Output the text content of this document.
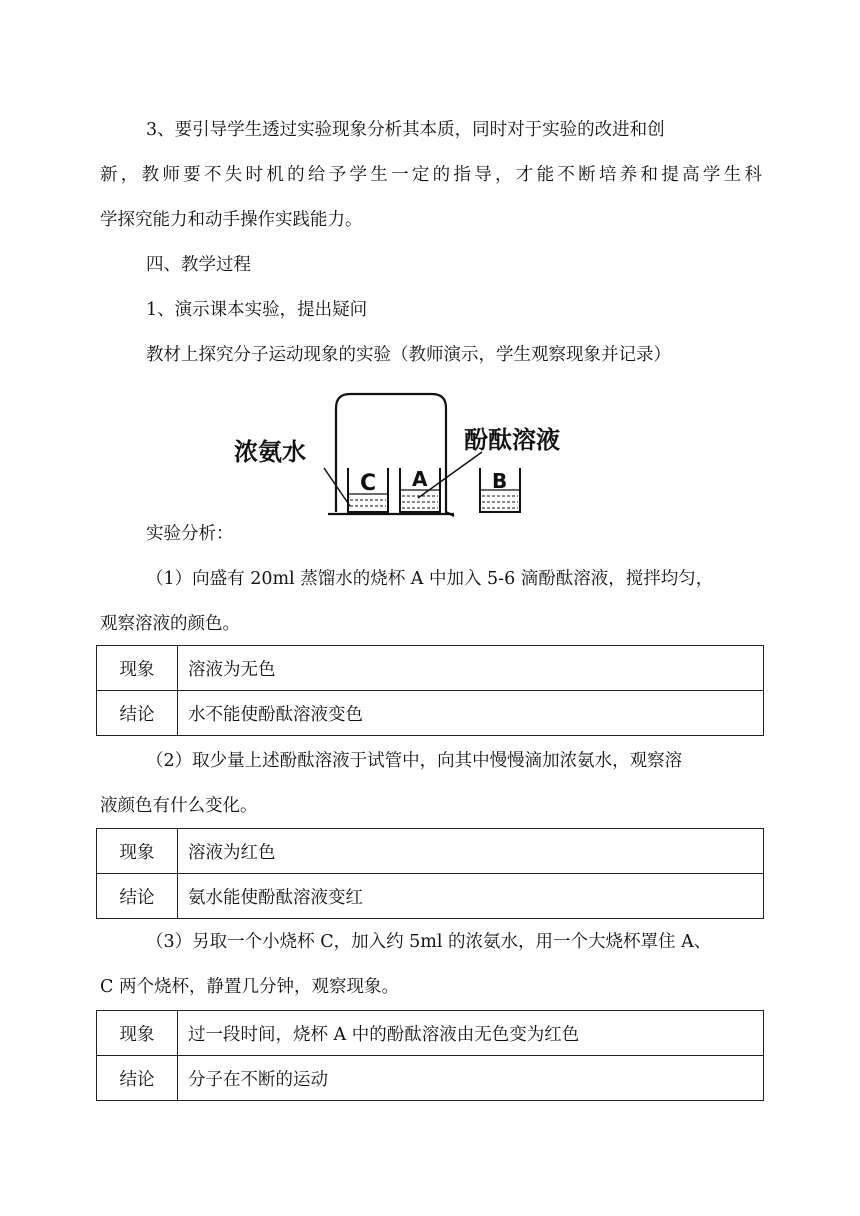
3、要引导学生透过实验现象分析其本质，同时对于实验的改进和创

新，教师要不失时机的给予学生一定的指导，才能不断培养和提高学生科

学探究能力和动手操作实践能力。

四、教学过程

1、演示课本实验，提出疑问

教材上探究分子运动现象的实验（教师演示，学生观察现象并记录）

C A	B
浓氨水	酚酞溶液

实验分析：

（1）向盛有 20ml 蒸馏水的烧杯 A 中加入 5-6 滴酚酞溶液，搅拌均匀，

观察溶液的颜色。

现象	溶液为无色
结论	水不能使酚酞溶液变色

（2）取少量上述酚酞溶液于试管中，向其中慢慢滴加浓氨水，观察溶

液颜色有什么变化。

现象	溶液为红色
结论	氨水能使酚酞溶液变红

（3）另取一个小烧杯 C，加入约 5ml 的浓氨水，用一个大烧杯罩住 A、

C 两个烧杯，静置几分钟，观察现象。

现象	过一段时间，烧杯 A 中的酚酞溶液由无色变为红色
结论	分子在不断的运动
